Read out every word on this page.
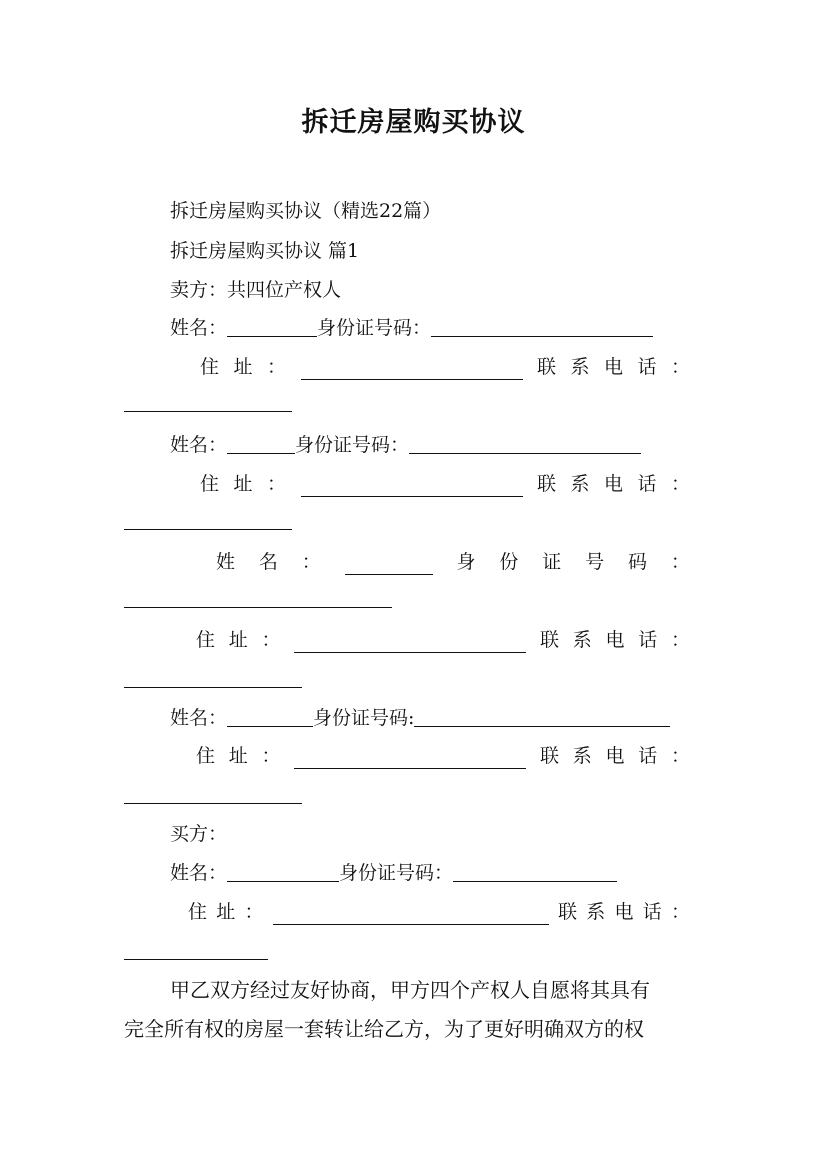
拆迁房屋购买协议
拆迁房屋购买协议（精选22篇）
拆迁房屋购买协议 篇1
卖方：共四位产权人
姓名：	身份证号码：
住 址 ：	联 系 电 话 ：
姓名：	身份证号码：
住 址 ：	联 系 电 话 ：
姓 名 ：	身 份 证 号 码 ：
住 址 ：	联 系 电 话 ：
姓名：	身份证号码:
住 址 ：	联 系 电 话 ：
买方：
姓名：	身份证号码：
住 址 ：	联 系 电 话 ：
甲乙双方经过友好协商，甲方四个产权人自愿将其具有
完全所有权的房屋一套转让给乙方，为了更好明确双方的权
